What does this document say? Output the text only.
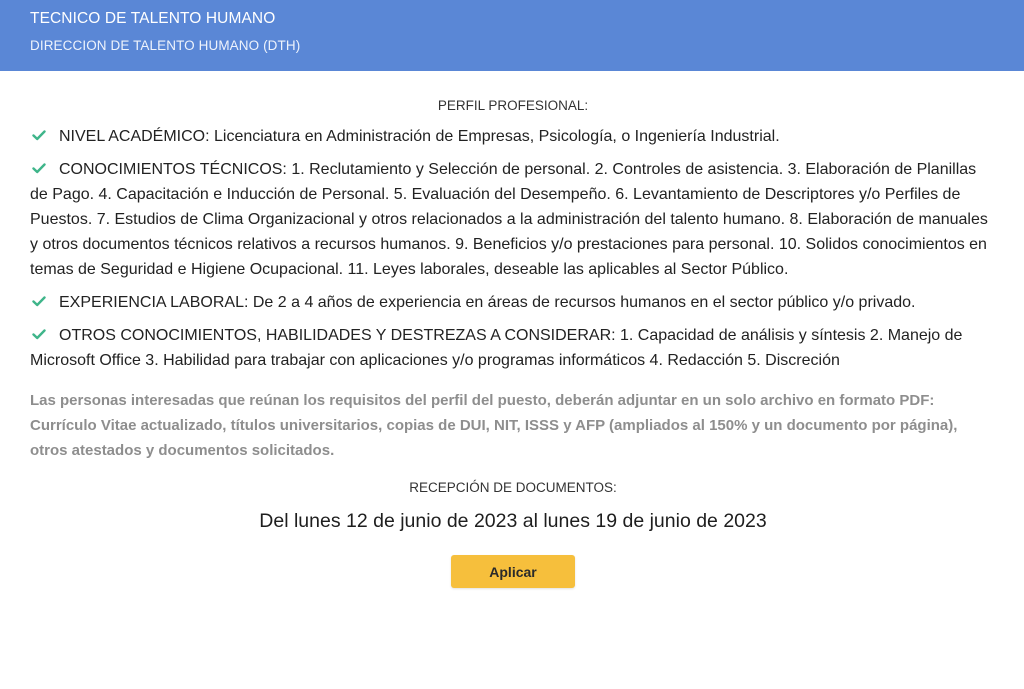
TECNICO DE TALENTO HUMANO
DIRECCION DE TALENTO HUMANO (DTH)
PERFIL PROFESIONAL:
NIVEL ACADÉMICO: Licenciatura en Administración de Empresas, Psicología, o Ingeniería Industrial.
CONOCIMIENTOS TÉCNICOS: 1. Reclutamiento y Selección de personal. 2. Controles de asistencia. 3. Elaboración de Planillas de Pago. 4. Capacitación e Inducción de Personal. 5. Evaluación del Desempeño. 6. Levantamiento de Descriptores y/o Perfiles de Puestos. 7. Estudios de Clima Organizacional y otros relacionados a la administración del talento humano. 8. Elaboración de manuales y otros documentos técnicos relativos a recursos humanos. 9. Beneficios y/o prestaciones para personal. 10. Solidos conocimientos en temas de Seguridad e Higiene Ocupacional. 11. Leyes laborales, deseable las aplicables al Sector Público.
EXPERIENCIA LABORAL: De 2 a 4 años de experiencia en áreas de recursos humanos en el sector público y/o privado.
OTROS CONOCIMIENTOS, HABILIDADES Y DESTREZAS A CONSIDERAR: 1. Capacidad de análisis y síntesis 2. Manejo de Microsoft Office 3. Habilidad para trabajar con aplicaciones y/o programas informáticos 4. Redacción 5. Discreción
Las personas interesadas que reúnan los requisitos del perfil del puesto, deberán adjuntar en un solo archivo en formato PDF: Currículo Vitae actualizado, títulos universitarios, copias de DUI, NIT, ISSS y AFP (ampliados al 150% y un documento por página), otros atestados y documentos solicitados.
RECEPCIÓN DE DOCUMENTOS:
Del lunes 12 de junio de 2023 al lunes 19 de junio de 2023
Aplicar
